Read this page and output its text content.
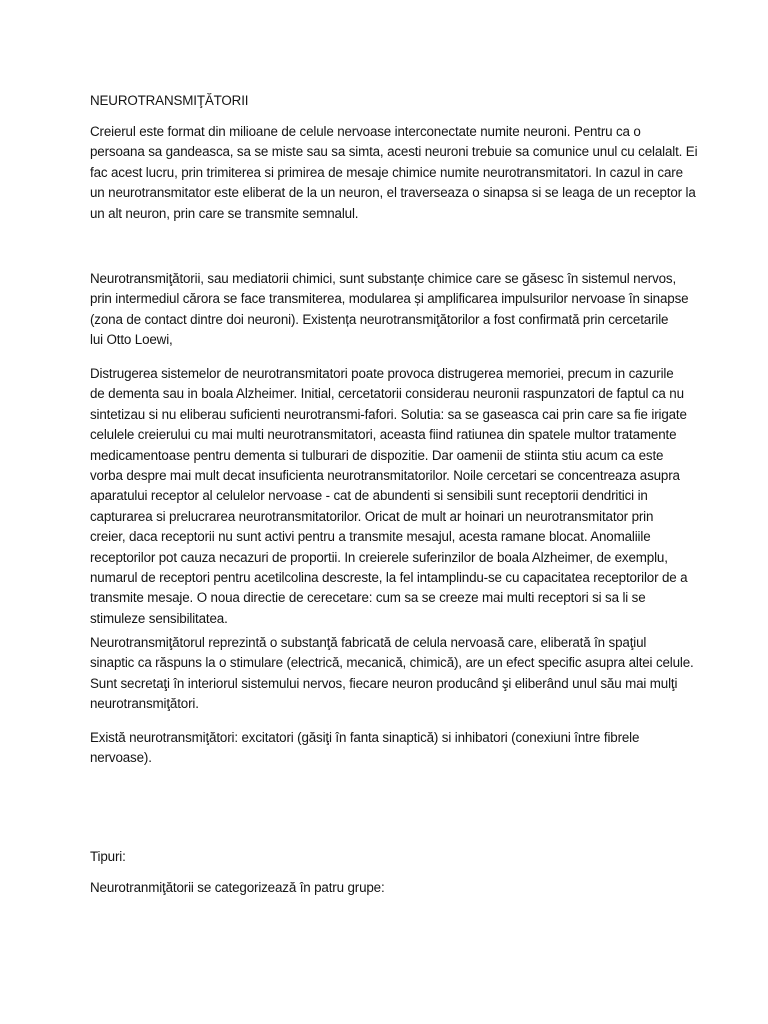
NEUROTRANSMIŢĂTORII
Creierul este format din milioane de celule nervoase interconectate numite neuroni. Pentru ca o
persoana sa gandeasca, sa se miste sau sa simta, acesti neuroni trebuie sa comunice unul cu celalalt. Ei
fac acest lucru, prin trimiterea si primirea de mesaje chimice numite neurotransmitatori. In cazul in care
un neurotransmitator este eliberat de la un neuron, el traverseaza o sinapsa si se leaga de un receptor la
un alt neuron, prin care se transmite semnalul.
Neurotransmiţătorii, sau mediatorii chimici, sunt substanțe chimice care se găsesc în sistemul nervos,
prin intermediul cărora se face transmiterea, modularea și amplificarea impulsurilor nervoase în sinapse
(zona de contact dintre doi neuroni). Existența neurotransmiţătorilor a fost confirmată prin cercetarile
lui Otto Loewi,
Distrugerea sistemelor de neurotransmitatori poate provoca distrugerea memoriei, precum in cazurile
de dementa sau in boala Alzheimer. Initial, cercetatorii considerau neuronii raspunzatori de faptul ca nu
sintetizau si nu eliberau suficienti neurotransmi-fafori. Solutia: sa se gaseasca cai prin care sa fie irigate
celulele creierului cu mai multi neurotransmitatori, aceasta fiind ratiunea din spatele multor tratamente
medicamentoase pentru dementa si tulburari de dispozitie. Dar oamenii de stiinta stiu acum ca este
vorba despre mai mult decat insuficienta neurotransmitatorilor. Noile cercetari se concentreaza asupra
aparatului receptor al celulelor nervoase - cat de abundenti si sensibili sunt receptorii dendritici in
capturarea si prelucrarea neurotransmitatorilor. Oricat de mult ar hoinari un neurotransmitator prin
creier, daca receptorii nu sunt activi pentru a transmite mesajul, acesta ramane blocat. Anomaliile
receptorilor pot cauza necazuri de proportii. In creierele suferinzilor de boala Alzheimer, de exemplu,
numarul de receptori pentru acetilcolina descreste, la fel intamplindu-se cu capacitatea receptorilor de a
transmite mesaje. O noua directie de cerecetare: cum sa se creeze mai multi receptori si sa li se
stimuleze sensibilitatea.
Neurotransmiţătorul reprezintă o substanţă fabricată de celula nervoasă care, eliberată în spaţiul
sinaptic ca răspuns la o stimulare (electrică, mecanică, chimică), are un efect specific asupra altei celule.
Sunt secretaţi în interiorul sistemului nervos, fiecare neuron producând şi eliberând unul său mai mulţi
neurotransmiţători.
Există neurotransmiţători: excitatori (găsiţi în fanta sinaptică) si inhibatori (conexiuni între fibrele
nervoase).
Tipuri:
Neurotranmiţătorii se categorizează în patru grupe:
